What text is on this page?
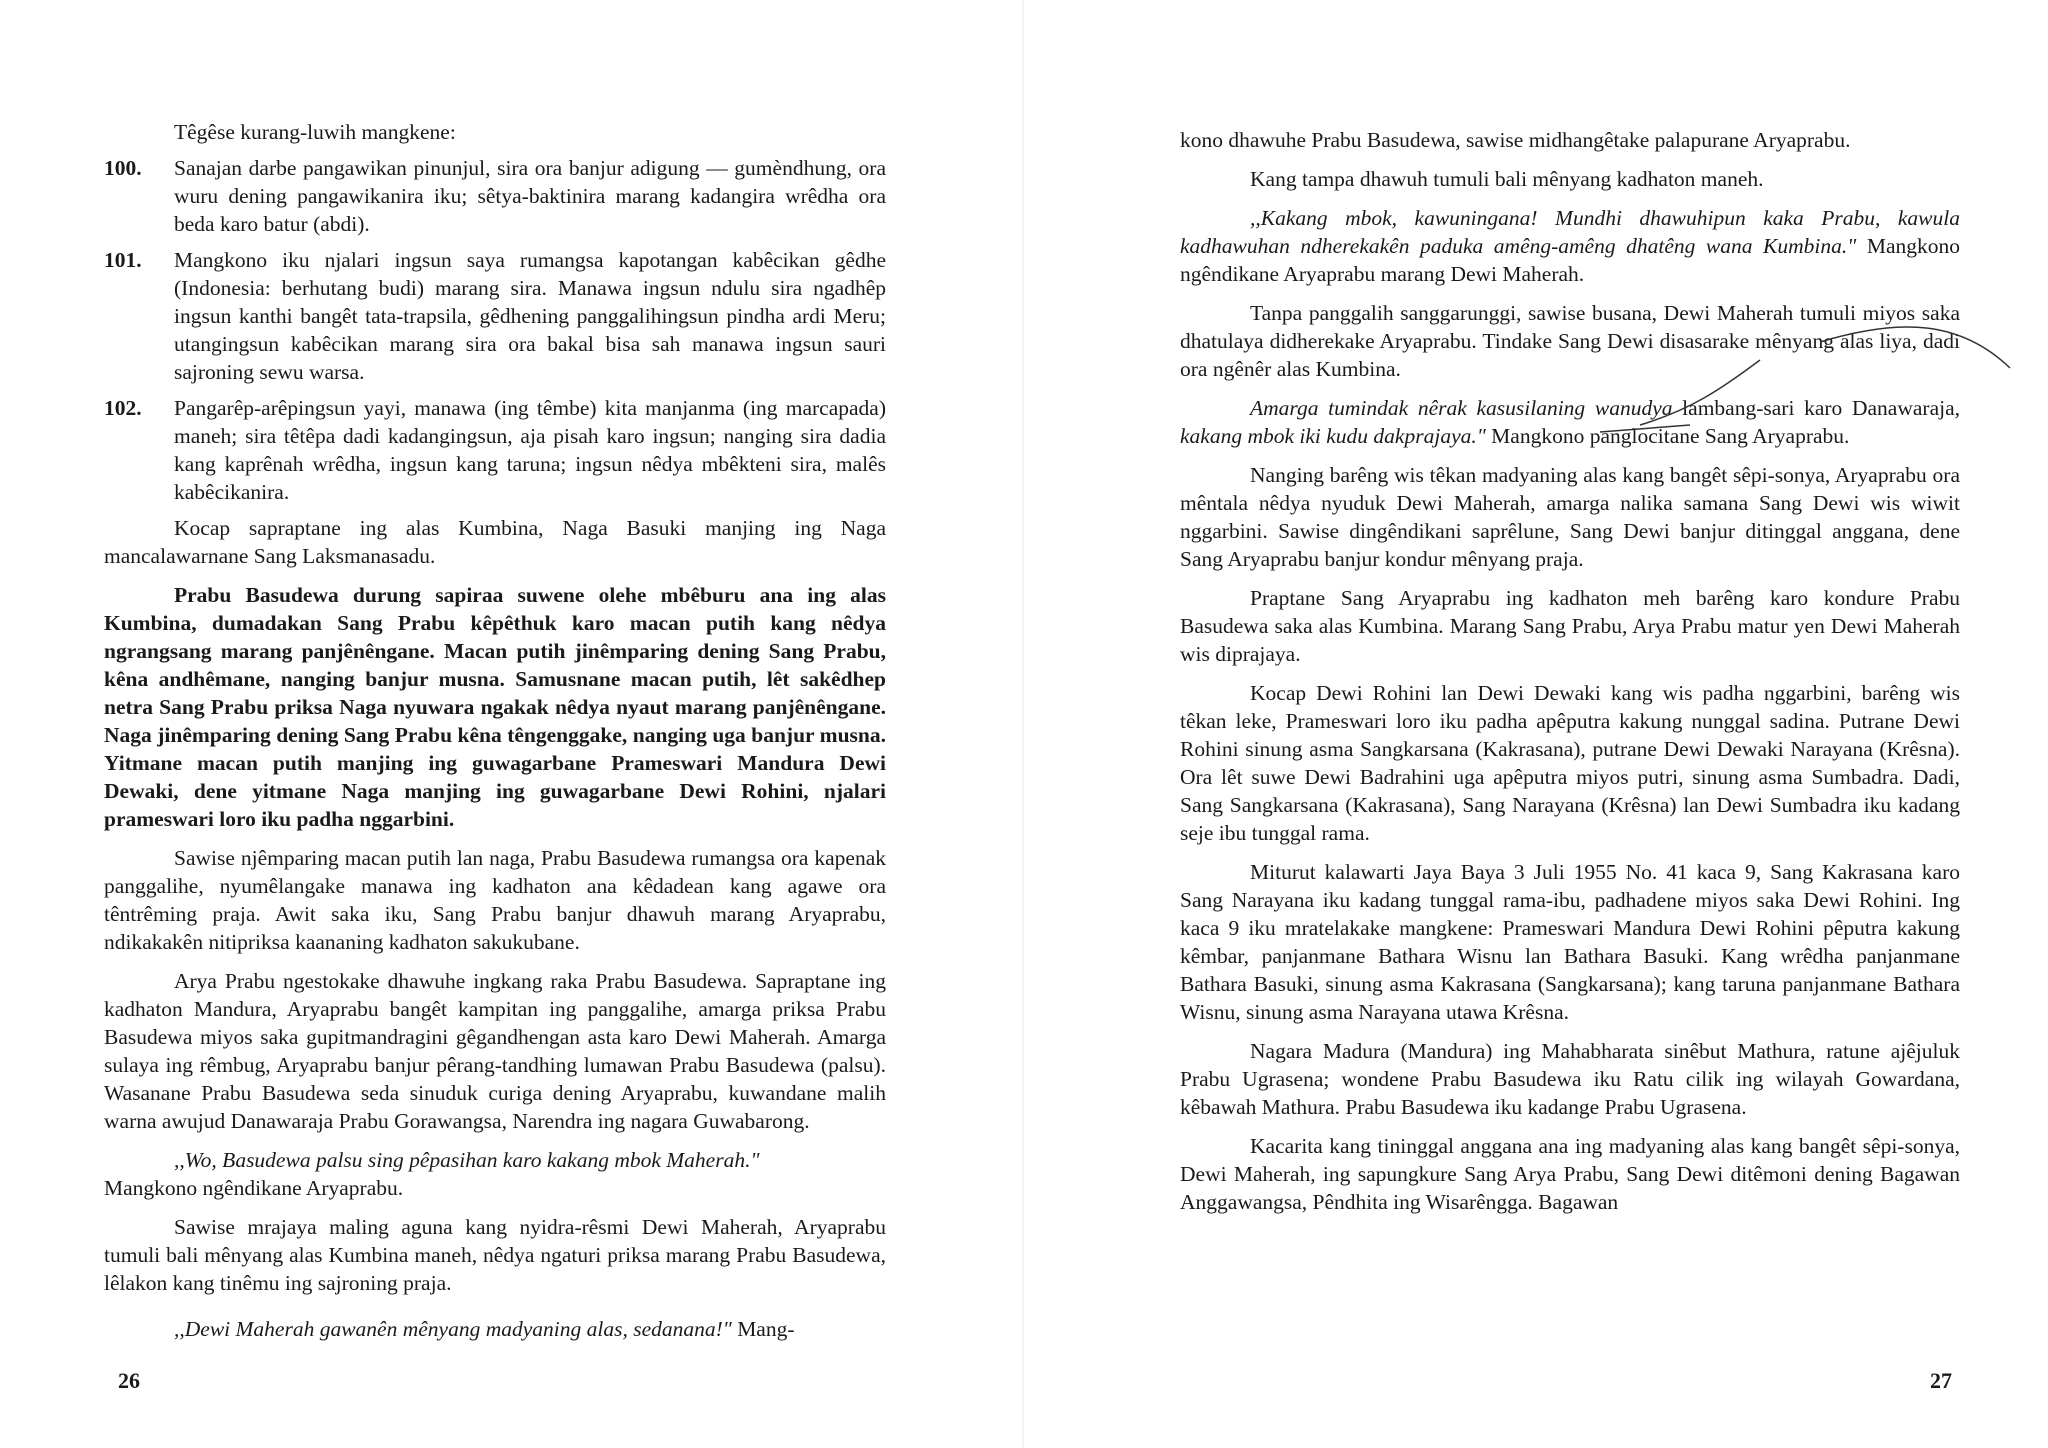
Têgêse kurang-luwih mangkene:

100.	Sanajan darbe pangawikan pinunjul, sira ora banjur adigung — gumèndhung, ora wuru dening pangawikanira iku; sêtya-baktinira marang kadangira wrêdha ora beda karo batur (abdi).
101.	Mangkono iku njalari ingsun saya rumangsa kapotangan kabêcikan gêdhe (Indonesia: berhutang budi) marang sira. Manawa ingsun ndulu sira ngadhêp ingsun kanthi bangêt tata-trapsila, gêdhening panggalihingsun pindha ardi Meru; utangingsun kabêcikan marang sira ora bakal bisa sah manawa ingsun sauri sajroning sewu warsa.
102.	Pangarêp-arêpingsun yayi, manawa (ing têmbe) kita manjanma (ing marcapada) maneh; sira têtêpa dadi kadangingsun, aja pisah karo ingsun; nanging sira dadia kang kaprênah wrêdha, ingsun kang taruna; ingsun nêdya mbêkteni sira, malês kabêcikanira.

Kocap sapraptane ing alas Kumbina, Naga Basuki manjing ing Naga mancalawarnane Sang Laksmanasadu.

Prabu Basudewa durung sapiraa suwene olehe mbêburu ana ing alas Kumbina, dumadakan Sang Prabu kêpêthuk karo macan putih kang nêdya ngrangsang marang panjênêngane. Macan putih jinêmparing dening Sang Prabu, kêna andhêmane, nanging banjur musna. Samusnane macan putih, lêt sakêdhep netra Sang Prabu priksa Naga nyuwara ngakak nêdya nyaut marang panjênêngane. Naga jinêmparing dening Sang Prabu kêna têngenggake, nanging uga banjur musna. Yitmane macan putih manjing ing guwagarbane Prameswari Mandura Dewi Dewaki, dene yitmane Naga manjing ing guwagarbane Dewi Rohini, njalari prameswari loro iku padha nggarbini.

Sawise njêmparing macan putih lan naga, Prabu Basudewa rumangsa ora kapenak panggalihe, nyumêlangake manawa ing kadhaton ana kêdadean kang agawe ora têntrêming praja. Awit saka iku, Sang Prabu banjur dhawuh marang Aryaprabu, ndikakakên nitipriksa kaananing kadhaton sakukubane.

Arya Prabu ngestokake dhawuhe ingkang raka Prabu Basudewa. Sapraptane ing kadhaton Mandura, Aryaprabu bangêt kampitan ing panggalihe, amarga priksa Prabu Basudewa miyos saka gupitmandragini gêgandhengan asta karo Dewi Maherah. Amarga sulaya ing rêmbug, Aryaprabu banjur pêrang-tandhing lumawan Prabu Basudewa (palsu). Wasanane Prabu Basudewa seda sinuduk curiga dening Aryaprabu, kuwandane malih warna awujud Danawaraja Prabu Gorawangsa, Narendra ing nagara Guwabarong.

,,Wo, Basudewa palsu sing pêpasihan karo kakang mbok Maherah."
Mangkono ngêndikane Aryaprabu.

Sawise mrajaya maling aguna kang nyidra-rêsmi Dewi Maherah, Aryaprabu tumuli bali mênyang alas Kumbina maneh, nêdya ngaturi priksa marang Prabu Basudewa, lêlakon kang tinêmu ing sajroning praja.

,,Dewi Maherah gawanên mênyang madyaning alas, sedanana!" Mang-

26

kono dhawuhe Prabu Basudewa, sawise midhangêtake palapurane Aryaprabu.

Kang tampa dhawuh tumuli bali mênyang kadhaton maneh.

,,Kakang mbok, kawuningana! Mundhi dhawuhipun kaka Prabu, kawula kadhawuhan ndherekakên paduka amêng-amêng dhatêng wana Kumbina." Mangkono ngêndikane Aryaprabu marang Dewi Maherah.

Tanpa panggalih sanggarunggi, sawise busana, Dewi Maherah tumuli miyos saka dhatulaya didherekake Aryaprabu. Tindake Sang Dewi disasarake mênyang alas liya, dadi ora ngênêr alas Kumbina.

Amarga tumindak nêrak kasusilaning wanudya lambang-sari karo Danawaraja, kakang mbok iki kudu dakprajaya." Mangkono panglocitane Sang Aryaprabu.

Nanging barêng wis têkan madyaning alas kang bangêt sêpi-sonya, Aryaprabu ora mêntala nêdya nyuduk Dewi Maherah, amarga nalika samana Sang Dewi wis wiwit nggarbini. Sawise dingêndikani saprêlune, Sang Dewi banjur ditinggal anggana, dene Sang Aryaprabu banjur kondur mênyang praja.

Praptane Sang Aryaprabu ing kadhaton meh barêng karo kondure Prabu Basudewa saka alas Kumbina. Marang Sang Prabu, Arya Prabu matur yen Dewi Maherah wis diprajaya.

Kocap Dewi Rohini lan Dewi Dewaki kang wis padha nggarbini, barêng wis têkan leke, Prameswari loro iku padha apêputra kakung nunggal sadina. Putrane Dewi Rohini sinung asma Sangkarsana (Kakrasana), putrane Dewi Dewaki Narayana (Krêsna). Ora lêt suwe Dewi Badrahini uga apêputra miyos putri, sinung asma Sumbadra. Dadi, Sang Sangkarsana (Kakrasana), Sang Narayana (Krêsna) lan Dewi Sumbadra iku kadang seje ibu tunggal rama.

Miturut kalawarti Jaya Baya 3 Juli 1955 No. 41 kaca 9, Sang Kakrasana karo Sang Narayana iku kadang tunggal rama-ibu, padhadene miyos saka Dewi Rohini. Ing kaca 9 iku mratelakake mangkene: Prameswari Mandura Dewi Rohini pêputra kakung kêmbar, panjanmane Bathara Wisnu lan Bathara Basuki. Kang wrêdha panjanmane Bathara Basuki, sinung asma Kakrasana (Sangkarsana); kang taruna panjanmane Bathara Wisnu, sinung asma Narayana utawa Krêsna.

Nagara Madura (Mandura) ing Mahabharata sinêbut Mathura, ratune ajêjuluk Prabu Ugrasena; wondene Prabu Basudewa iku Ratu cilik ing wilayah Gowardana, kêbawah Mathura. Prabu Basudewa iku kadange Prabu Ugrasena.

Kacarita kang tininggal anggana ana ing madyaning alas kang bangêt sêpi-sonya, Dewi Maherah, ing sapungkure Sang Arya Prabu, Sang Dewi ditêmoni dening Bagawan Anggawangsa, Pêndhita ing Wisarêngga. Bagawan

27
